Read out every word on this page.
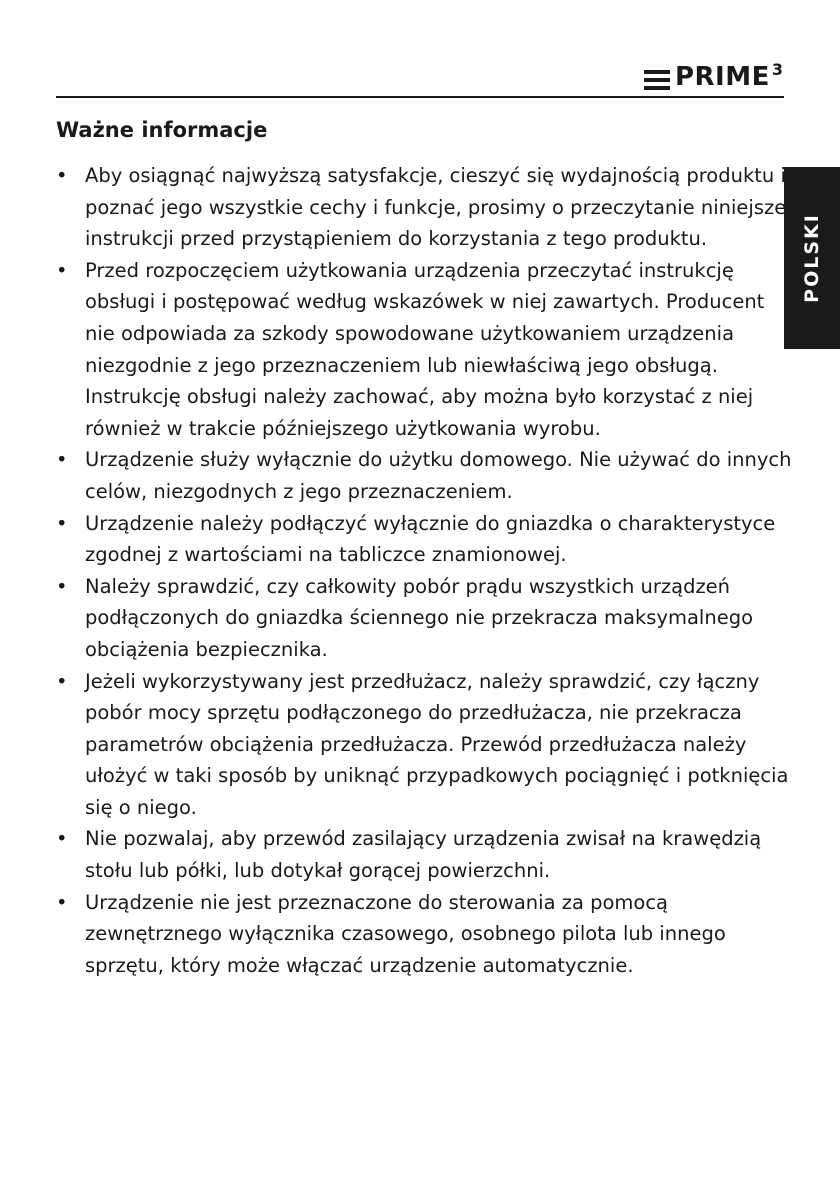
PRIME 3
POLSKI
Ważne informacje
• Aby osiągnąć najwyższą satysfakcje, cieszyć się wydajnością produktu i poznać jego wszystkie cechy i funkcje, prosimy o przeczytanie niniejszej instrukcji przed przystąpieniem do korzystania z tego produktu.
• Przed rozpoczęciem użytkowania urządzenia przeczytać instrukcję obsługi i postępować według wskazówek w niej zawartych. Producent nie odpowiada za szkody spowodowane użytkowaniem urządzenia niezgodnie z jego przeznaczeniem lub niewłaściwą jego obsługą. Instrukcję obsługi należy zachować, aby można było korzystać z niej również w trakcie późniejszego użytkowania wyrobu.
• Urządzenie służy wyłącznie do użytku domowego. Nie używać do innych celów, niezgodnych z jego przeznaczeniem.
• Urządzenie należy podłączyć wyłącznie do gniazdka o charakterystyce zgodnej z wartościami na tabliczce znamionowej.
• Należy sprawdzić, czy całkowity pobór prądu wszystkich urządzeń podłączonych do gniazdka ściennego nie przekracza maksymalnego obciążenia bezpiecznika.
• Jeżeli wykorzystywany jest przedłużacz, należy sprawdzić, czy łączny pobór mocy sprzętu podłączonego do przedłużacza, nie przekracza parametrów obciążenia przedłużacza. Przewód przedłużacza należy ułożyć w taki sposób by uniknąć przypadkowych pociągnięć i potknięcia się o niego.
• Nie pozwalaj, aby przewód zasilający urządzenia zwisał na krawędzią stołu lub półki, lub dotykał gorącej powierzchni.
• Urządzenie nie jest przeznaczone do sterowania za pomocą zewnętrznego wyłącznika czasowego, osobnego pilota lub innego sprzętu, który może włączać urządzenie automatycznie.
